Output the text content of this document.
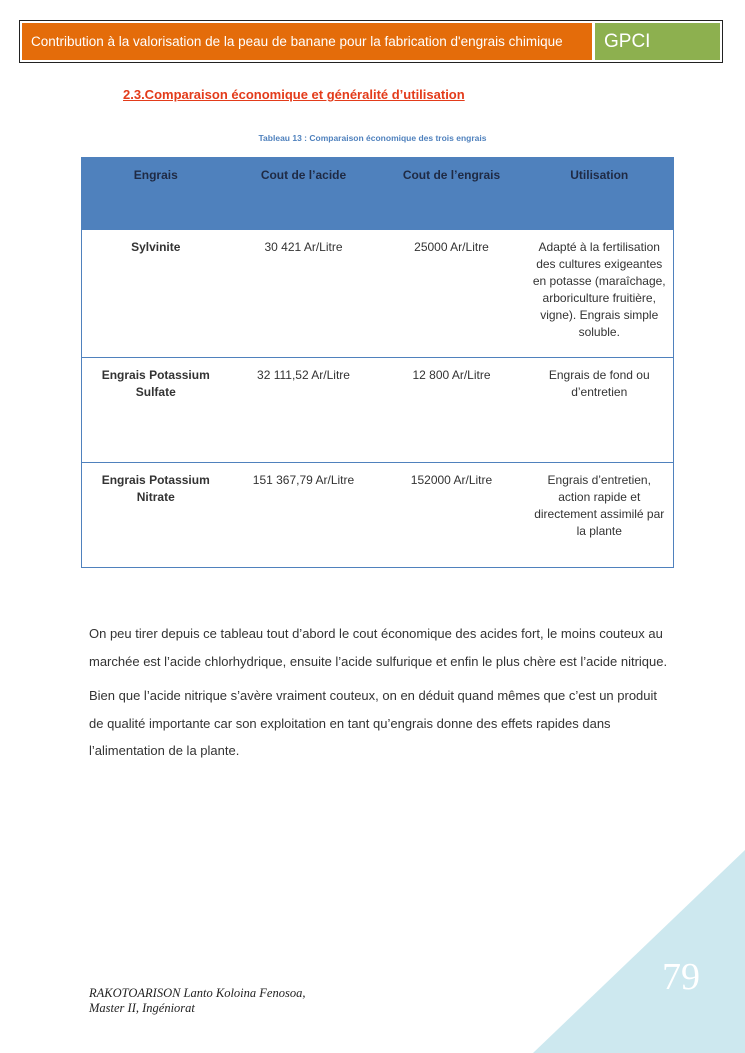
Contribution à la valorisation de la peau de banane pour la fabrication d'engrais chimique	GPCI
2.3.Comparaison économique et généralité d’utilisation
Tableau 13 : Comparaison économique des trois engrais
Engrais	Cout de l’acide	Cout de l’engrais	Utilisation
Sylvinite	30 421 Ar/Litre	25000 Ar/Litre	Adapté à la fertilisation des cultures exigeantes en potasse (maraîchage, arboriculture fruitière, vigne). Engrais simple soluble.
Engrais Potassium Sulfate	32 111,52 Ar/Litre	12 800 Ar/Litre	Engrais de fond ou d’entretien
Engrais Potassium Nitrate	151 367,79 Ar/Litre	152000 Ar/Litre	Engrais d’entretien, action rapide et directement assimilé par la plante

On peu tirer depuis ce tableau tout d’abord le cout économique des acides fort, le moins couteux au marchée est l’acide chlorhydrique, ensuite l’acide sulfurique et enfin le plus chère est l’acide nitrique.

Bien que l’acide nitrique s’avère vraiment couteux, on en déduit quand mêmes que c’est un produit de qualité importante car son exploitation en tant qu’engrais donne des effets rapides dans l’alimentation de la plante.

79
RAKOTOARISON Lanto Koloina Fenosoa,
Master II, Ingéniorat
